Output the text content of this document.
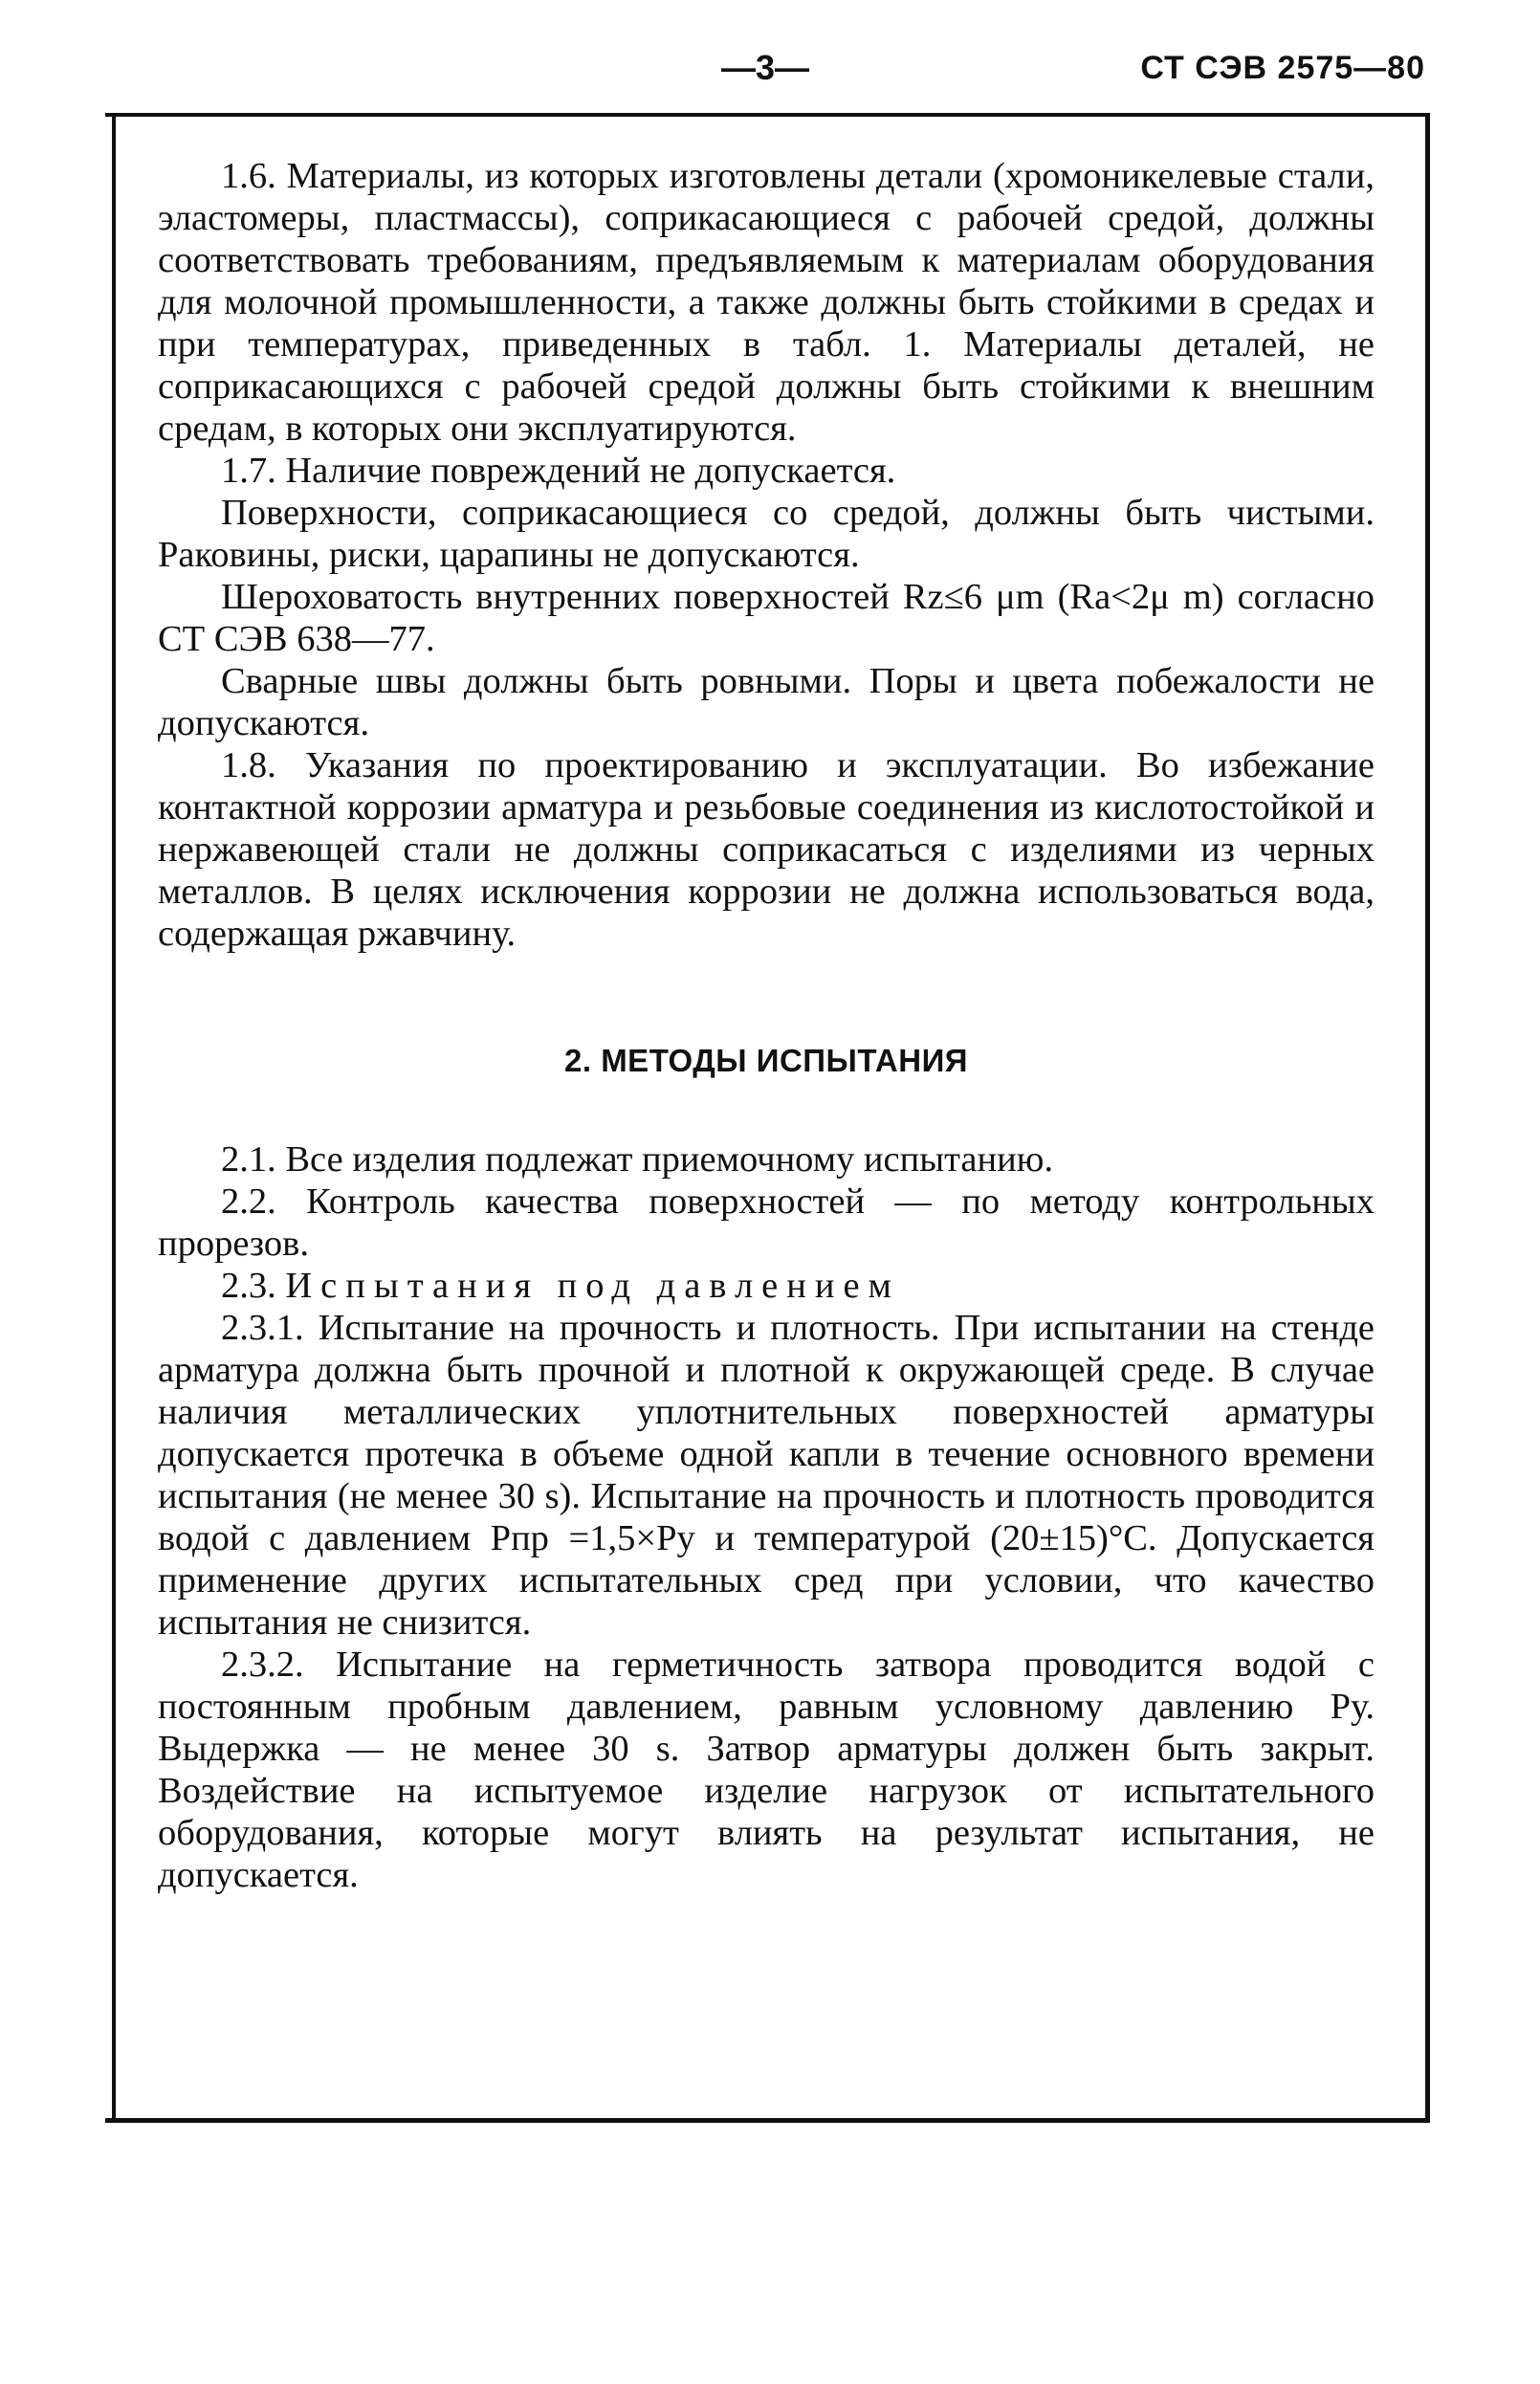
—3—	СТ СЭВ 2575—80

1.6. Материалы, из которых изготовлены детали (хромоникелевые стали, эластомеры, пластмассы), соприкасающиеся с рабочей средой, должны соответствовать требованиям, предъявляемым к материалам оборудования для молочной промышленности, а также должны быть стойкими в средах и при температурах, приведенных в табл. 1. Материалы деталей, не соприкасающихся с рабочей средой должны быть стойкими к внешним средам, в которых они эксплуатируются.

1.7. Наличие повреждений не допускается.

Поверхности, соприкасающиеся со средой, должны быть чистыми. Раковины, риски, царапины не допускаются.

Шероховатость внутренних поверхностей Rz≤6 μm (Ra<2μ m) согласно СТ СЭВ 638—77.

Сварные швы должны быть ровными. Поры и цвета побежалости не допускаются.

1.8. Указания по проектированию и эксплуатации. Во избежание контактной коррозии арматура и резьбовые соединения из кислотостойкой и нержавеющей стали не должны соприкасаться с изделиями из черных металлов. В целях исключения коррозии не должна использоваться вода, содержащая ржавчину.

2. МЕТОДЫ ИСПЫТАНИЯ

2.1. Все изделия подлежат приемочному испытанию.

2.2. Контроль качества поверхностей — по методу контрольных прорезов.

2.3. Испытания под давлением

2.3.1. Испытание на прочность и плотность. При испытании на стенде арматура должна быть прочной и плотной к окружающей среде. В случае наличия металлических уплотнительных поверхностей арматуры допускается протечка в объеме одной капли в течение основного времени испытания (не менее 30 s). Испытание на прочность и плотность проводится водой с давлением Pпр =1,5×Pу и температурой (20±15)°С. Допускается применение других испытательных сред при условии, что качество испытания не снизится.

2.3.2. Испытание на герметичность затвора проводится водой с постоянным пробным давлением, равным условному давлению Pу. Выдержка — не менее 30 s. Затвор арматуры должен быть закрыт. Воздействие на испытуемое изделие нагрузок от испытательного оборудования, которые могут влиять на результат испытания, не допускается.
